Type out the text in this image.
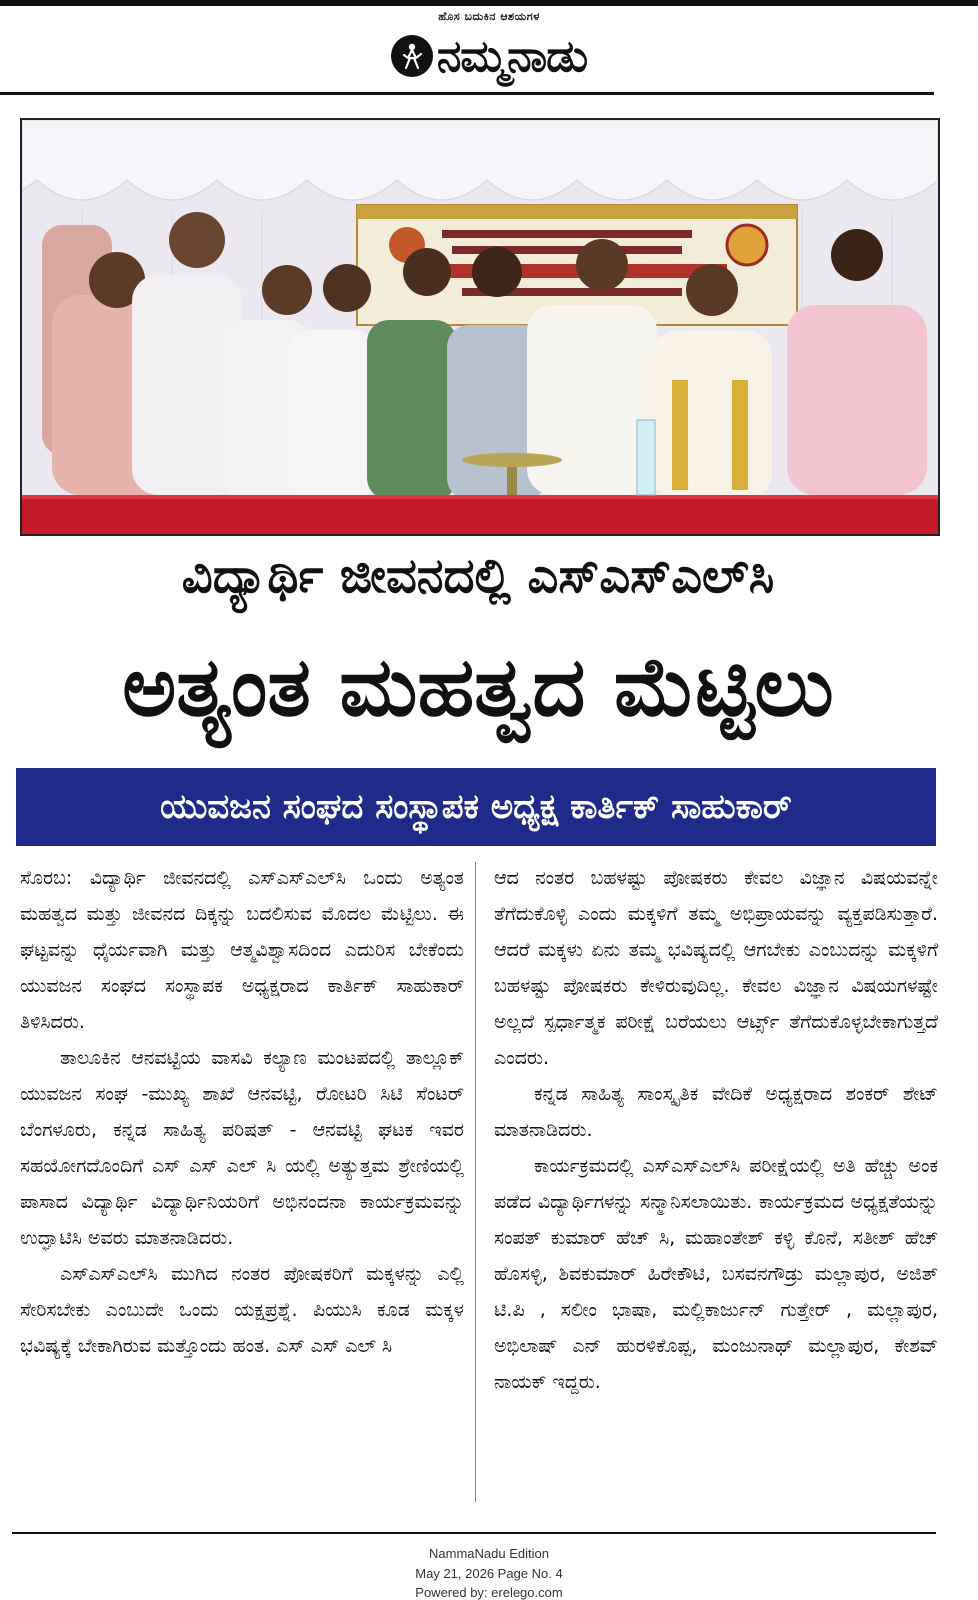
ಹೊಸ ಬದುಕಿನ ಆಶಯಗಳ
ನಮ್ಮನಾಡು
ವಿದ್ಯಾರ್ಥಿ ಜೀವನದಲ್ಲಿ ಎಸ್‌ಎಸ್‌ಎಲ್‌ಸಿ
ಅತ್ಯಂತ ಮಹತ್ವದ ಮೆಟ್ಟಿಲು
ಯುವಜನ ಸಂಘದ ಸಂಸ್ಥಾಪಕ ಅಧ್ಯಕ್ಷ ಕಾರ್ತಿಕ್ ಸಾಹುಕಾರ್

ಸೊರಬ: ವಿದ್ಯಾರ್ಥಿ ಜೀವನದಲ್ಲಿ ಎಸ್‌ಎಸ್‌ಎಲ್‌ಸಿ ಒಂದು ಅತ್ಯಂತ ಮಹತ್ವದ ಮತ್ತು ಜೀವನದ ದಿಕ್ಕನ್ನು ಬದಲಿಸುವ ಮೊದಲ ಮೆಟ್ಟಿಲು. ಈ ಘಟ್ಟವನ್ನು ಧೈರ್ಯವಾಗಿ ಮತ್ತು ಆತ್ಮವಿಶ್ವಾಸದಿಂದ ಎದುರಿಸ ಬೇಕೆಂದು ಯುವಜನ ಸಂಘದ ಸಂಸ್ಥಾಪಕ ಅಧ್ಯಕ್ಷರಾದ ಕಾರ್ತಿಕ್ ಸಾಹುಕಾರ್ ತಿಳಿಸಿದರು.

ತಾಲೂಕಿನ ಆನವಟ್ಟಿಯ ವಾಸವಿ ಕಲ್ಯಾಣ ಮಂಟಪದಲ್ಲಿ ತಾಲ್ಲೂಕ್ ಯುವಜನ ಸಂಘ -ಮುಖ್ಯ ಶಾಖೆ ಆನವಟ್ಟಿ, ರೋಟರಿ ಸಿಟಿ ಸೆಂಟರ್ ಬೆಂಗಳೂರು, ಕನ್ನಡ ಸಾಹಿತ್ಯ ಪರಿಷತ್ - ಆನವಟ್ಟಿ ಘಟಕ ಇವರ ಸಹಯೋಗದೊಂದಿಗೆ ಎಸ್ ಎಸ್ ಎಲ್ ಸಿ ಯಲ್ಲಿ ಅತ್ಯುತ್ತಮ ಶ್ರೇಣಿಯಲ್ಲಿ ಪಾಸಾದ ವಿದ್ಯಾರ್ಥಿ ವಿದ್ಯಾರ್ಥಿನಿಯರಿಗೆ ಅಭಿನಂದನಾ ಕಾರ್ಯಕ್ರಮವನ್ನು ಉದ್ಘಾಟಿಸಿ ಅವರು ಮಾತನಾಡಿದರು.

ಎಸ್‌ಎಸ್‌ಎಲ್‌ಸಿ ಮುಗಿದ ನಂತರ ಪೋಷಕರಿಗೆ ಮಕ್ಕಳನ್ನು ಎಲ್ಲಿ ಸೇರಿಸಬೇಕು ಎಂಬುದೇ ಒಂದು ಯಕ್ಷಪ್ರಶ್ನೆ. ಪಿಯುಸಿ ಕೂಡ ಮಕ್ಕಳ ಭವಿಷ್ಯಕ್ಕೆ ಬೇಕಾಗಿರುವ ಮತ್ತೊಂದು ಹಂತ. ಎಸ್ ಎಸ್ ಎಲ್ ಸಿ

ಆದ ನಂತರ ಬಹಳಷ್ಟು ಪೋಷಕರು ಕೇವಲ ವಿಜ್ಞಾನ ವಿಷಯವನ್ನೇ ತೆಗೆದುಕೊಳ್ಳಿ ಎಂದು ಮಕ್ಕಳಿಗೆ ತಮ್ಮ ಅಭಿಪ್ರಾಯವನ್ನು ವ್ಯಕ್ತಪಡಿಸುತ್ತಾರೆ. ಆದರೆ ಮಕ್ಕಳು ಏನು ತಮ್ಮ ಭವಿಷ್ಯದಲ್ಲಿ ಆಗಬೇಕು ಎಂಬುದನ್ನು ಮಕ್ಕಳಿಗೆ ಬಹಳಷ್ಟು ಪೋಷಕರು ಕೇಳಿರುವುದಿಲ್ಲ. ಕೇವಲ ವಿಜ್ಞಾನ ವಿಷಯಗಳಷ್ಟೇ ಅಲ್ಲದೆ ಸ್ಪರ್ಧಾತ್ಮಕ ಪರೀಕ್ಷೆ ಬರೆಯಲು ಆರ್ಟ್ಸ್ ತೆಗೆದುಕೊಳ್ಳಬೇಕಾಗುತ್ತದೆ ಎಂದರು.

ಕನ್ನಡ ಸಾಹಿತ್ಯ ಸಾಂಸ್ಕೃತಿಕ ವೇದಿಕೆ ಅಧ್ಯಕ್ಷರಾದ ಶಂಕರ್ ಶೇಟ್ ಮಾತನಾಡಿದರು.

ಕಾರ್ಯಕ್ರಮದಲ್ಲಿ ಎಸ್‌ಎಸ್‌ಎಲ್‌ಸಿ ಪರೀಕ್ಷೆಯಲ್ಲಿ ಅತಿ ಹೆಚ್ಚು ಅಂಕ ಪಡೆದ ವಿದ್ಯಾರ್ಥಿಗಳನ್ನು ಸನ್ಮಾನಿಸಲಾಯಿತು. ಕಾರ್ಯಕ್ರಮದ ಅಧ್ಯಕ್ಷತೆಯನ್ನು ಸಂಪತ್ ಕುಮಾರ್ ಹೆಚ್ ಸಿ, ಮಹಾಂತೇಶ್ ಕಳ್ಳಿ ಕೊನೆ, ಸತೀಶ್ ಹೆಚ್ ಹೊಸಳ್ಳಿ, ಶಿವಕುಮಾರ್ ಹಿರೇಕೌಟಿ, ಬಸವನಗೌಡ್ರು ಮಲ್ಲಾಪುರ, ಅಜಿತ್ ಟಿ.ಪಿ , ಸಲೀಂ ಭಾಷಾ, ಮಲ್ಲಿಕಾರ್ಜುನ್ ಗುತ್ತೇರ್ , ಮಲ್ಲಾಪುರ, ಅಭಿಲಾಷ್ ಎನ್ ಹುರಳಿಕೊಪ್ಪ, ಮಂಜುನಾಥ್ ಮಲ್ಲಾಪುರ, ಕೇಶವ್ ನಾಯಕ್ ಇದ್ದರು.

NammaNadu Edition
May 21, 2026 Page No. 4
Powered by: erelego.com
